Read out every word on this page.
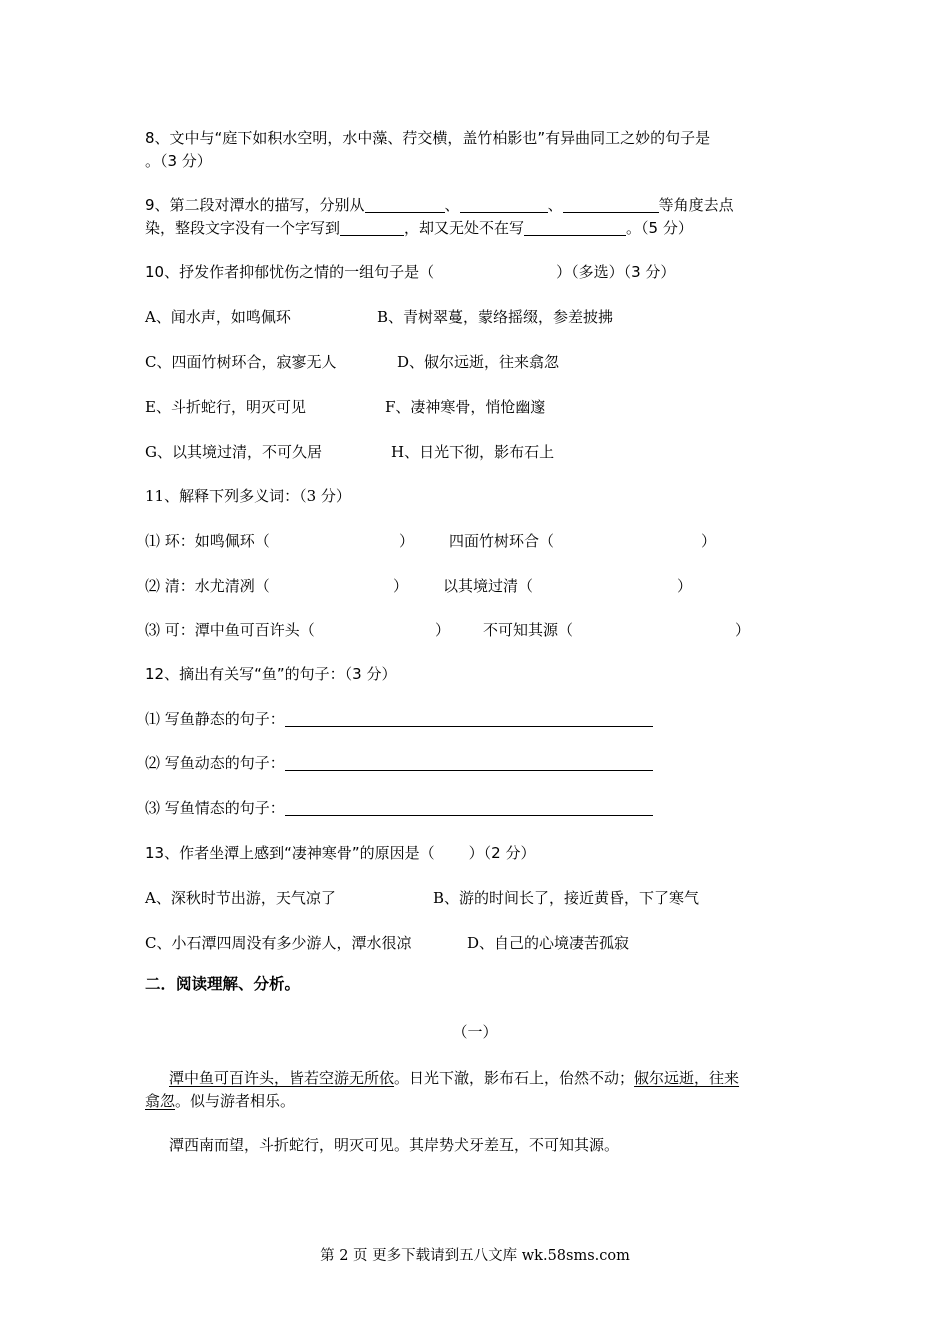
8、文中与“庭下如积水空明，水中藻、荇交横，盖竹柏影也”有异曲同工之妙的句子是
。（3 分）
9、第二段对潭水的描写，分别从	、	、	等角度去点
染，整段文字没有一个字写到	，却又无处不在写	。（5 分）
10、抒发作者抑郁忧伤之情的一组句子是（	）（多选）（3 分）
A、闻水声，如鸣佩环	B、青树翠蔓，蒙络摇缀，参差披拂
C、四面竹树环合，寂寥无人	D、俶尔远逝，往来翕忽
E、斗折蛇行，明灭可见	F、凄神寒骨，悄怆幽邃
G、以其境过清，不可久居	H、日光下彻，影布石上
11、解释下列多义词：（3 分）
⑴ 环：如鸣佩环（	） 四面竹树环合（	）
⑵ 清：水尤清冽（	） 以其境过清（	）
⑶ 可：潭中鱼可百许头（	） 不可知其源（	）
12、摘出有关写“鱼”的句子：（3 分）
⑴ 写鱼静态的句子：
⑵ 写鱼动态的句子：
⑶ 写鱼情态的句子：
13、作者坐潭上感到“凄神寒骨”的原因是（ ）（2 分）
A、深秋时节出游，天气凉了	B、游的时间长了，接近黄昏，下了寒气
C、小石潭四周没有多少游人，潭水很凉	D、自己的心境凄苦孤寂
二．阅读理解、分析。
（一）
潭中鱼可百许头，皆若空游无所依。日光下澈，影布石上，佁然不动；俶尔远逝，往来
翕忽。似与游者相乐。
潭西南而望，斗折蛇行，明灭可见。其岸势犬牙差互，不可知其源。
第 2 页 更多下载请到五八文库 wk.58sms.com
